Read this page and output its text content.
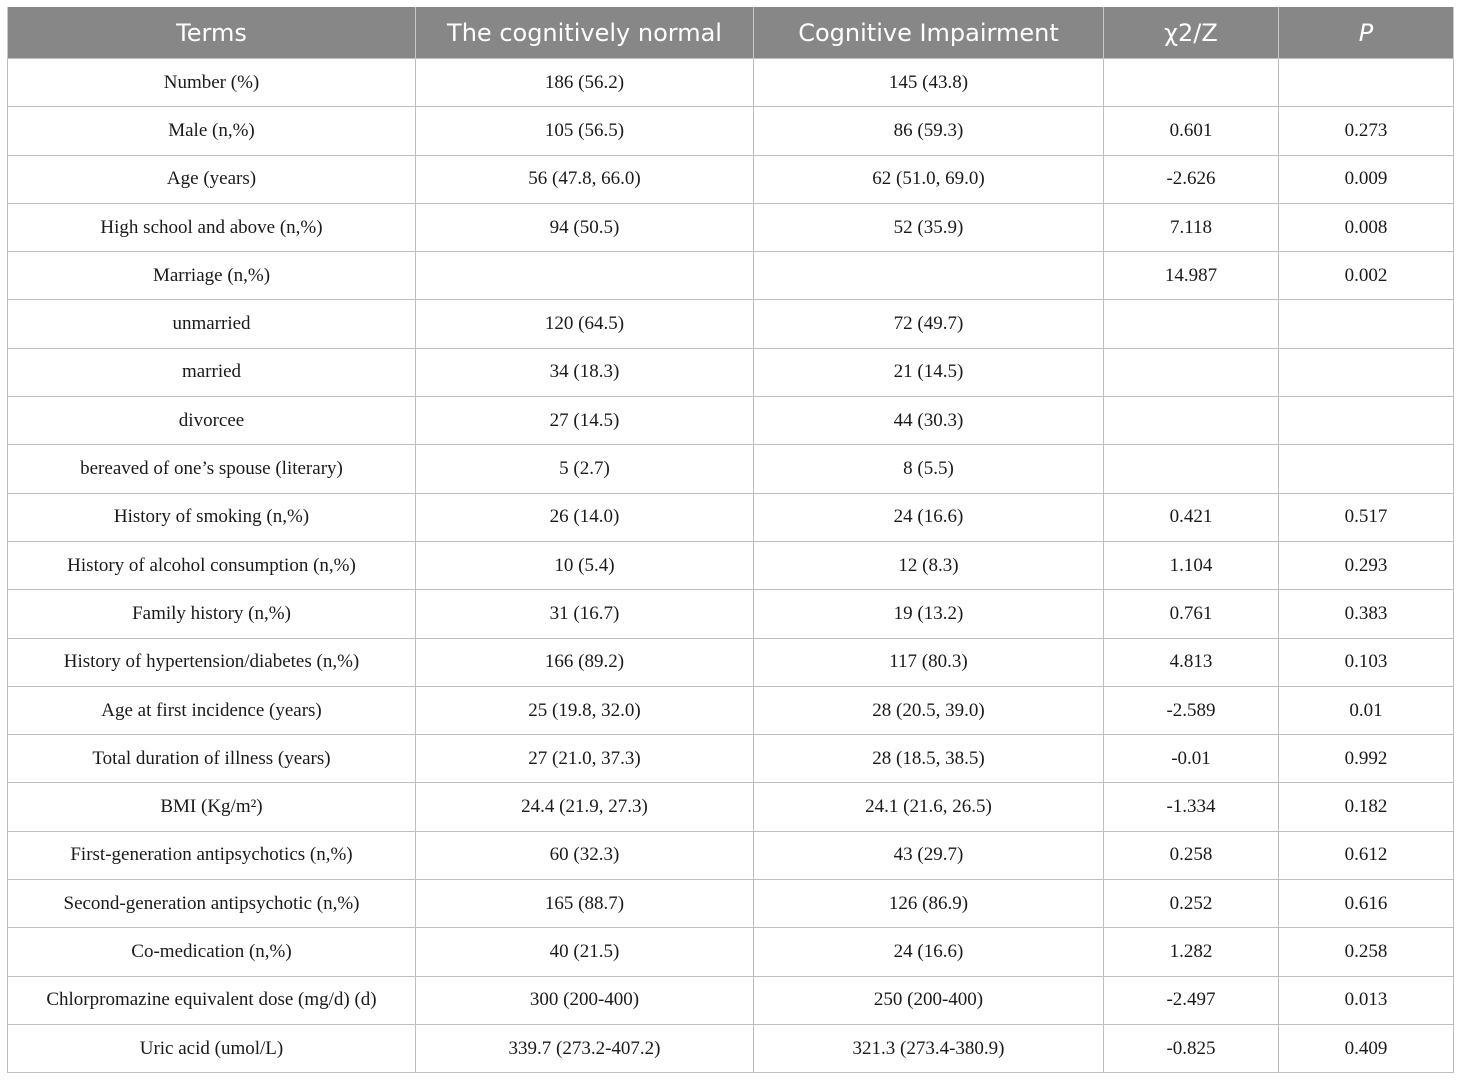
Terms	The cognitively normal	Cognitive Impairment	χ2/Z	P
Number (%)	186 (56.2)	145 (43.8)		
Male (n,%)	105 (56.5)	86 (59.3)	0.601	0.273
Age (years)	56 (47.8, 66.0)	62 (51.0, 69.0)	-2.626	0.009
High school and above (n,%)	94 (50.5)	52 (35.9)	7.118	0.008
Marriage (n,%)			14.987	0.002
unmarried	120 (64.5)	72 (49.7)		
married	34 (18.3)	21 (14.5)		
divorcee	27 (14.5)	44 (30.3)		
bereaved of one’s spouse (literary)	5 (2.7)	8 (5.5)		
History of smoking (n,%)	26 (14.0)	24 (16.6)	0.421	0.517
History of alcohol consumption (n,%)	10 (5.4)	12 (8.3)	1.104	0.293
Family history (n,%)	31 (16.7)	19 (13.2)	0.761	0.383
History of hypertension/diabetes (n,%)	166 (89.2)	117 (80.3)	4.813	0.103
Age at first incidence (years)	25 (19.8, 32.0)	28 (20.5, 39.0)	-2.589	0.01
Total duration of illness (years)	27 (21.0, 37.3)	28 (18.5, 38.5)	-0.01	0.992
BMI (Kg/m²)	24.4 (21.9, 27.3)	24.1 (21.6, 26.5)	-1.334	0.182
First-generation antipsychotics (n,%)	60 (32.3)	43 (29.7)	0.258	0.612
Second-generation antipsychotic (n,%)	165 (88.7)	126 (86.9)	0.252	0.616
Co-medication (n,%)	40 (21.5)	24 (16.6)	1.282	0.258
Chlorpromazine equivalent dose (mg/d) (d)	300 (200-400)	250 (200-400)	-2.497	0.013
Uric acid (umol/L)	339.7 (273.2-407.2)	321.3 (273.4-380.9)	-0.825	0.409
